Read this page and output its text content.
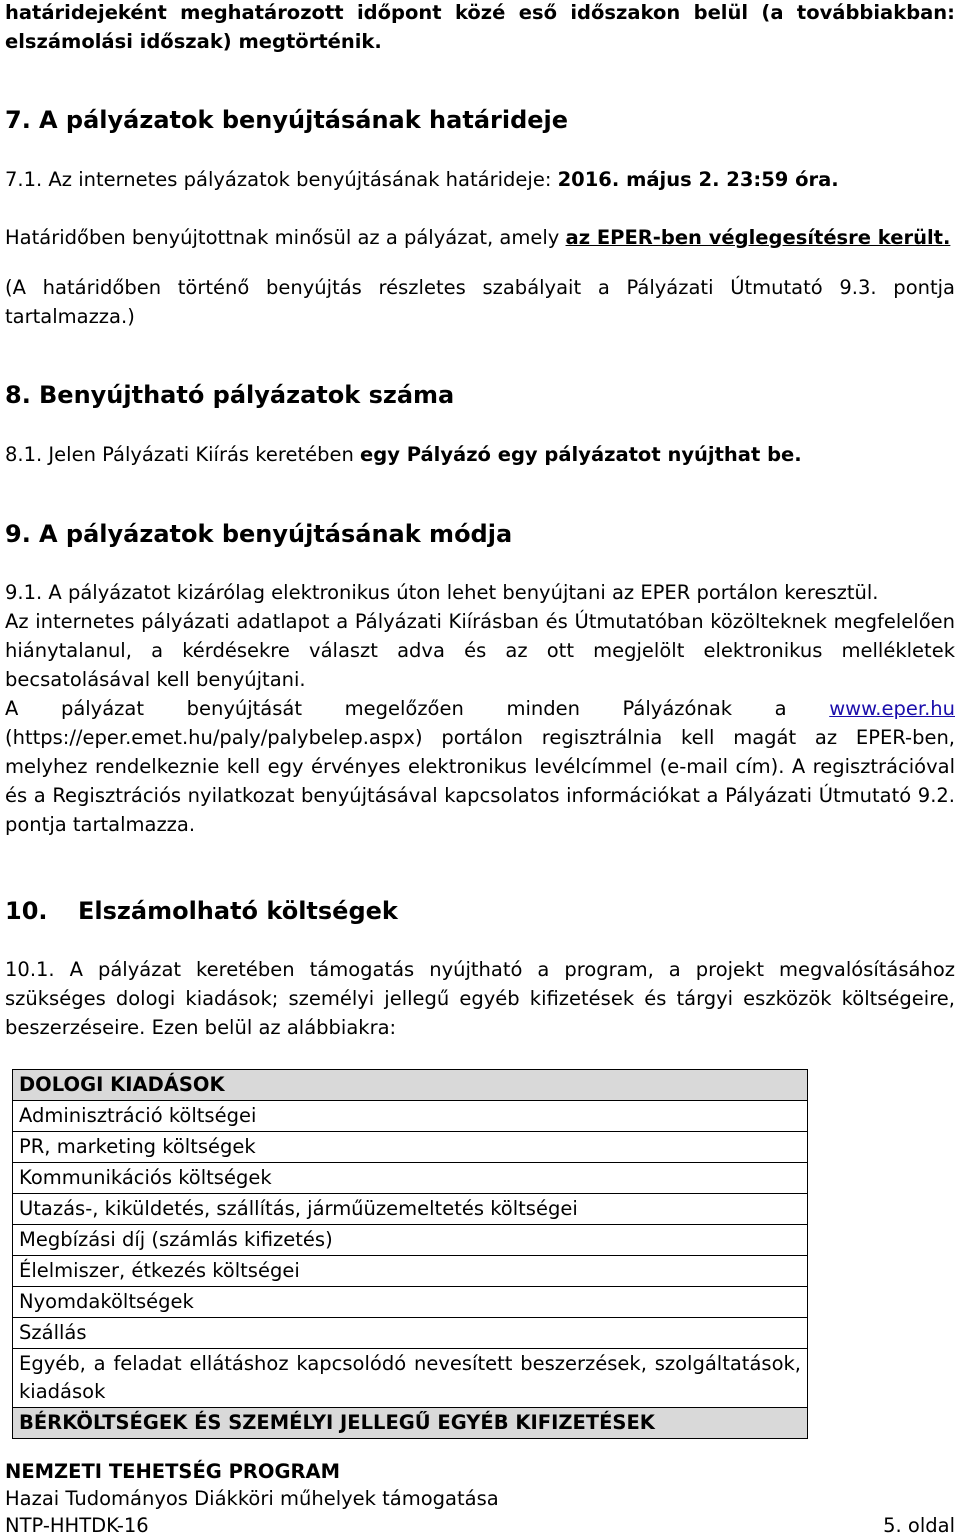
határidejeként meghatározott időpont közé eső időszakon belül (a továbbiakban:
elszámolási időszak) megtörténik.
7. A pályázatok benyújtásának határideje
7.1. Az internetes pályázatok benyújtásának határideje: 2016. május 2. 23:59 óra.
Határidőben benyújtottnak minősül az a pályázat, amely az EPER-ben véglegesítésre került.
(A határidőben történő benyújtás részletes szabályait a Pályázati Útmutató 9.3. pontja tartalmazza.)
8. Benyújtható pályázatok száma
8.1. Jelen Pályázati Kiírás keretében egy Pályázó egy pályázatot nyújthat be.
9. A pályázatok benyújtásának módja
9.1. A pályázatot kizárólag elektronikus úton lehet benyújtani az EPER portálon keresztül.
Az internetes pályázati adatlapot a Pályázati Kiírásban és Útmutatóban közölteknek megfelelően hiánytalanul, a kérdésekre választ adva és az ott megjelölt elektronikus mellékletek becsatolásával kell benyújtani.
A pályázat benyújtását megelőzően minden Pályázónak a www.eper.hu (https://eper.emet.hu/paly/palybelep.aspx) portálon regisztrálnia kell magát az EPER-ben, melyhez rendelkeznie kell egy érvényes elektronikus levélcímmel (e-mail cím). A regisztrációval és a Regisztrációs nyilatkozat benyújtásával kapcsolatos információkat a Pályázati Útmutató 9.2. pontja tartalmazza.
10. Elszámolható költségek
10.1. A pályázat keretében támogatás nyújtható a program, a projekt megvalósításához szükséges dologi kiadások; személyi jellegű egyéb kifizetések és tárgyi eszközök költségeire, beszerzéseire. Ezen belül az alábbiakra:
DOLOGI KIADÁSOK
Adminisztráció költségei
PR, marketing költségek
Kommunikációs költségek
Utazás-, kiküldetés, szállítás, járműüzemeltetés költségei
Megbízási díj (számlás kifizetés)
Élelmiszer, étkezés költségei
Nyomdaköltségek
Szállás
Egyéb, a feladat ellátáshoz kapcsolódó nevesített beszerzések, szolgáltatások, kiadások
BÉRKÖLTSÉGEK ÉS SZEMÉLYI JELLEGŰ EGYÉB KIFIZETÉSEK
NEMZETI TEHETSÉG PROGRAM
Hazai Tudományos Diákköri műhelyek támogatása
NTP-HHTDK-16	5. oldal
